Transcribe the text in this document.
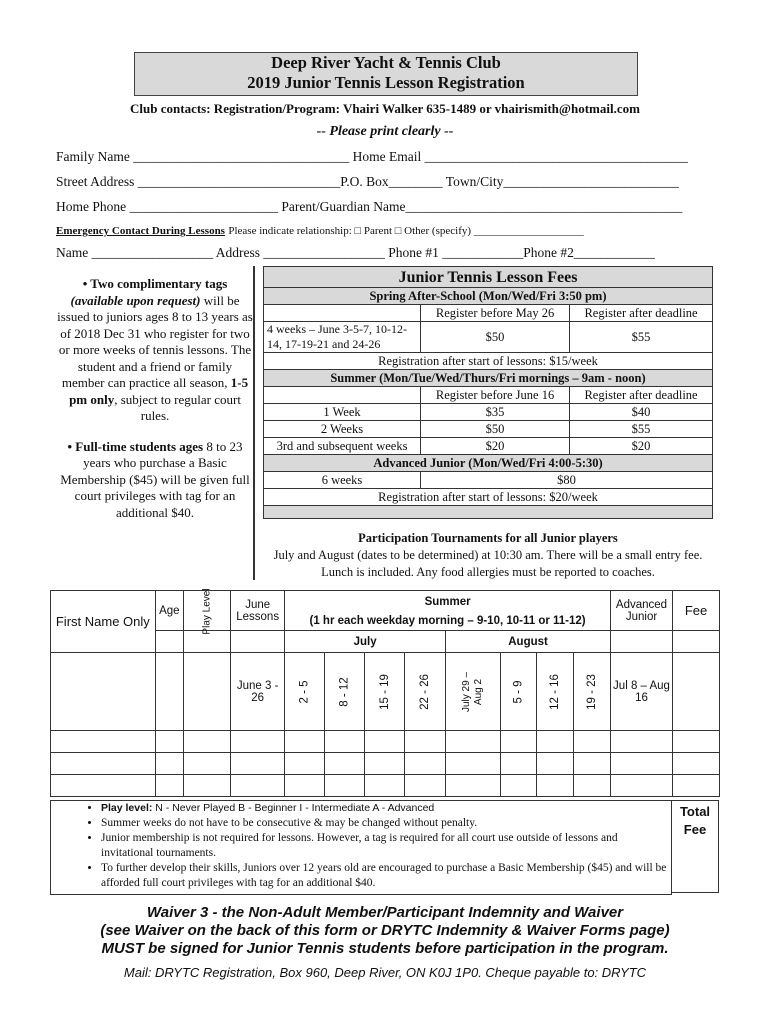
Deep River Yacht & Tennis Club
2019 Junior Tennis Lesson Registration
Club contacts: Registration/Program: Vhairi Walker 635-1489 or vhairismith@hotmail.com
-- Please print clearly --
Family Name ________________________________ Home Email _______________________________________
Street Address ______________________________P.O. Box________ Town/City__________________________
Home Phone ______________________ Parent/Guardian Name_________________________________________
Emergency Contact During Lessons Please indicate relationship: □ Parent □ Other (specify) ____________________
Name __________________ Address __________________ Phone #1 ____________Phone #2____________

• Two complimentary tags
(available upon request) will be issued to juniors ages 8 to 13 years as of 2018 Dec 31 who register for two or more weeks of tennis lessons. The student and a friend or family member can practice all season, 1-5 pm only, subject to regular court rules.

• Full-time students ages 8 to 23 years who purchase a Basic Membership ($45) will be given full court privileges with tag for an additional $40.

Junior Tennis Lesson Fees		
Spring After-School (Mon/Wed/Fri 3:50 pm)		
	Register before May 26	Register after deadline
4 weeks – June 3-5-7, 10-12-14, 17-19-21 and 24-26	$50	$55
Registration after start of lessons: $15/week		
Summer (Mon/Tue/Wed/Thurs/Fri mornings – 9am - noon)		
	Register before June 16	Register after deadline
1 Week	$35	$40
2 Weeks	$50	$55
3rd and subsequent weeks	$20	$20
Advanced Junior (Mon/Wed/Fri 4:00-5:30)		
6 weeks	$80	
Registration after start of lessons: $20/week		

Participation Tournaments for all Junior players
July and August (dates to be determined) at 10:30 am. There will be a small entry fee. Lunch is included. Any food allergies must be reported to coaches.
First Name Only	Age	Play Level	June Lessons	Summer								Advanced Junior	Fee
				(1 hr each weekday morning – 9-10, 10-11 or 11-12)									
				July				August					
			June 3 - 26	2 - 5	8 - 12	15 - 19	22 - 26	July 29 – Aug 2	5 - 9	12 - 16	19 - 23	Jul 8 – Aug 16	

• Play level: N - Never Played B - Beginner I - Intermediate A - Advanced
• Summer weeks do not have to be consecutive & may be changed without penalty.
• Junior membership is not required for lessons. However, a tag is required for all court use outside of lessons and invitational tournaments.
• To further develop their skills, Juniors over 12 years old are encouraged to purchase a Basic Membership ($45) and will be afforded full court privileges with tag for an additional $40.
Total Fee
Waiver 3 - the Non-Adult Member/Participant Indemnity and Waiver
(see Waiver on the back of this form or DRYTC Indemnity & Waiver Forms page)
MUST be signed for Junior Tennis students before participation in the program.
Mail: DRYTC Registration, Box 960, Deep River, ON K0J 1P0. Cheque payable to: DRYTC
